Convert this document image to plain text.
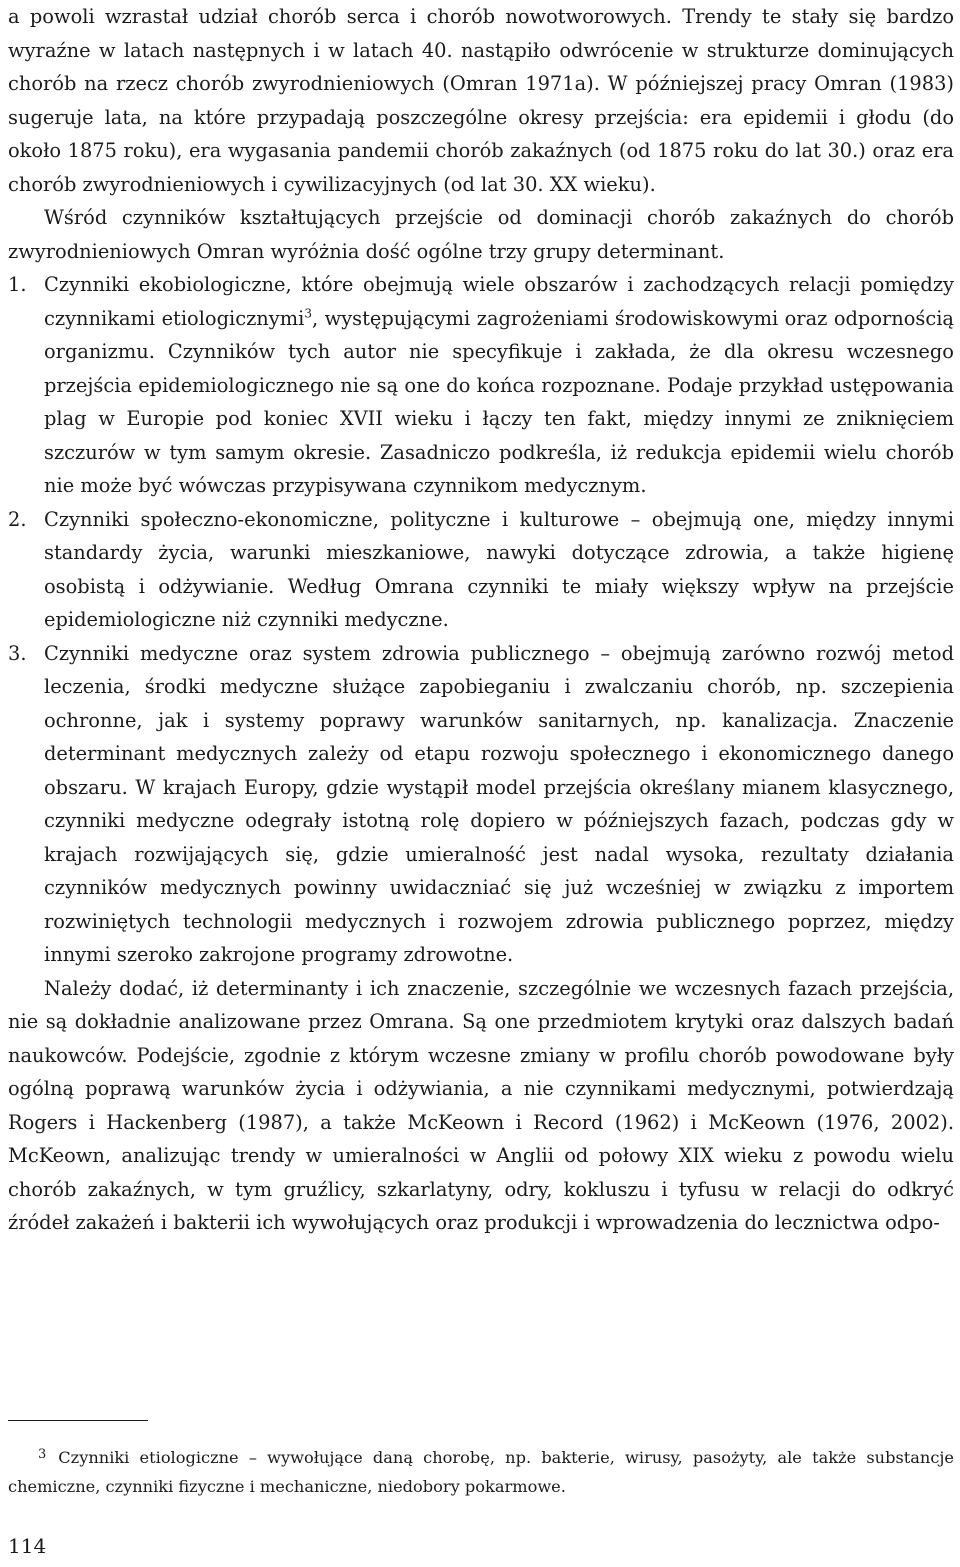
a powoli wzrastał udział chorób serca i chorób nowotworowych. Trendy te stały się bardzo wyraźne w latach następnych i w latach 40. nastąpiło odwrócenie w strukturze dominujących chorób na rzecz chorób zwyrodnieniowych (Omran 1971a). W późniejszej pracy Omran (1983) sugeruje lata, na które przypadają poszczególne okresy przejścia: era epidemii i głodu (do około 1875 roku), era wygasania pandemii chorób zakaźnych (od 1875 roku do lat 30.) oraz era chorób zwyrodnieniowych i cywilizacyjnych (od lat 30. XX wieku).

Wśród czynników kształtujących przejście od dominacji chorób zakaźnych do chorób zwyrodnieniowych Omran wyróżnia dość ogólne trzy grupy determinant.

1. Czynniki ekobiologiczne, które obejmują wiele obszarów i zachodzących relacji pomiędzy czynnikami etiologicznymi$^3$, występującymi zagrożeniami środowiskowymi oraz odpornością organizmu. Czynników tych autor nie specyfikuje i zakłada, że dla okresu wczesnego przejścia epidemiologicznego nie są one do końca rozpoznane. Podaje przykład ustępowania plag w Europie pod koniec XVII wieku i łączy ten fakt, między innymi ze zniknięciem szczurów w tym samym okresie. Zasadniczo podkreśla, iż redukcja epidemii wielu chorób nie może być wówczas przypisywana czynnikom medycznym.
2. Czynniki społeczno-ekonomiczne, polityczne i kulturowe – obejmują one, między innymi standardy życia, warunki mieszkaniowe, nawyki dotyczące zdrowia, a także higienę osobistą i odżywianie. Według Omrana czynniki te miały większy wpływ na przejście epidemiologiczne niż czynniki medyczne.
3. Czynniki medyczne oraz system zdrowia publicznego – obejmują zarówno rozwój metod leczenia, środki medyczne służące zapobieganiu i zwalczaniu chorób, np. szczepienia ochronne, jak i systemy poprawy warunków sanitarnych, np. kanalizacja. Znaczenie determinant medycznych zależy od etapu rozwoju społecznego i ekonomicznego danego obszaru. W krajach Europy, gdzie wystąpił model przejścia określany mianem klasycznego, czynniki medyczne odegrały istotną rolę dopiero w późniejszych fazach, podczas gdy w krajach rozwijających się, gdzie umieralność jest nadal wysoka, rezultaty działania czynników medycznych powinny uwidaczniać się już wcześniej w związku z importem rozwiniętych technologii medycznych i rozwojem zdrowia publicznego poprzez, między innymi szeroko zakrojone programy zdrowotne.

Należy dodać, iż determinanty i ich znaczenie, szczególnie we wczesnych fazach przejścia, nie są dokładnie analizowane przez Omrana. Są one przedmiotem krytyki oraz dalszych badań naukowców. Podejście, zgodnie z którym wczesne zmiany w profilu chorób powodowane były ogólną poprawą warunków życia i odżywiania, a nie czynnikami medycznymi, potwierdzają Rogers i Hackenberg (1987), a także McKeown i Record (1962) i McKeown (1976, 2002). McKeown, analizując trendy w umieralności w Anglii od połowy XIX wieku z powodu wielu chorób zakaźnych, w tym gruźlicy, szkarlatyny, odry, kokluszu i tyfusu w relacji do odkryć źródeł zakażeń i bakterii ich wywołujących oraz produkcji i wprowadzenia do lecznictwa odpo-

$^3$ Czynniki etiologiczne – wywołujące daną chorobę, np. bakterie, wirusy, pasożyty, ale także substancje chemiczne, czynniki fizyczne i mechaniczne, niedobory pokarmowe.

114
